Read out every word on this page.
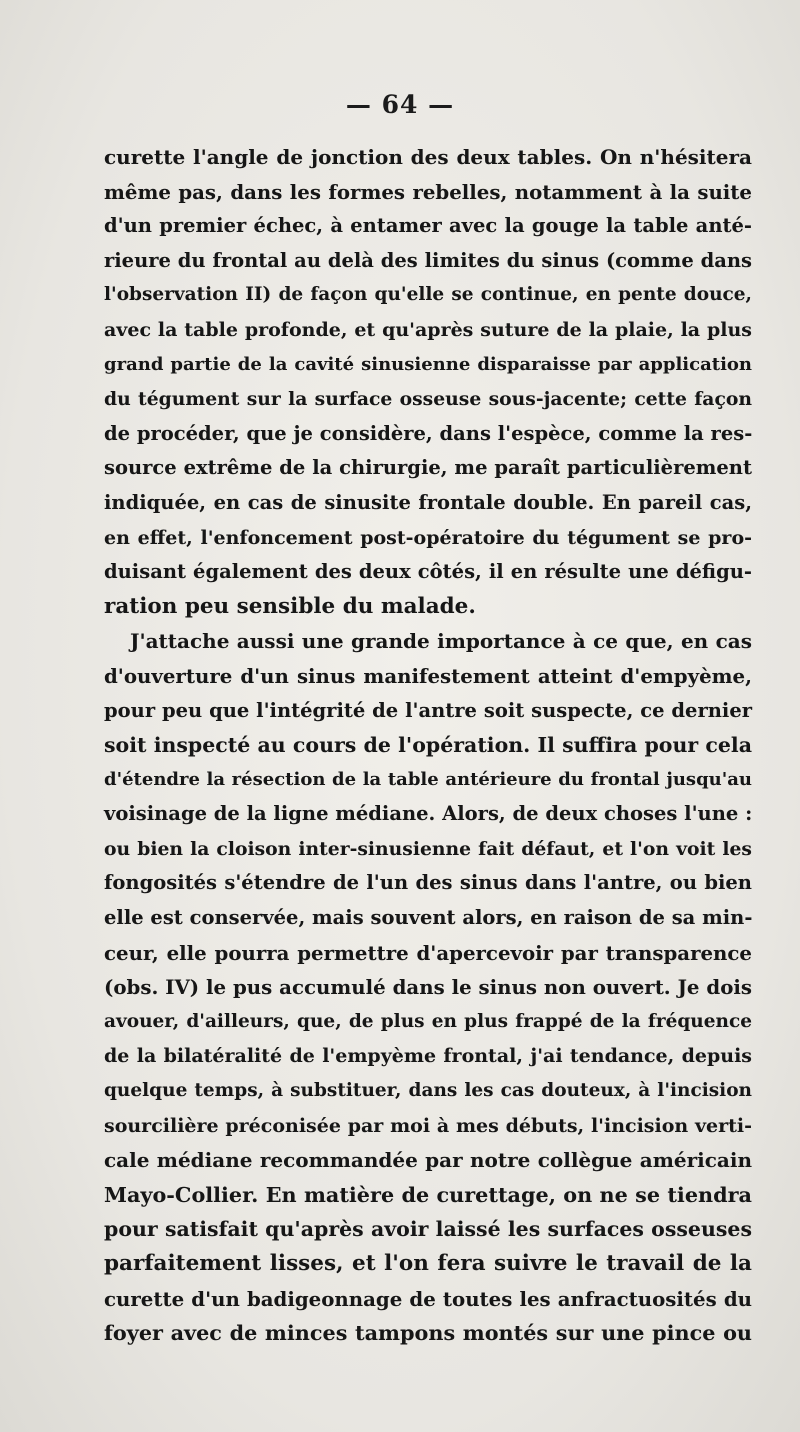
— 64 —
curette l'angle de jonction des deux tables. On n'hésitera
même pas, dans les formes rebelles, notamment à la suite
d'un premier échec, à entamer avec la gouge la table anté-
rieure du frontal au delà des limites du sinus (comme dans
l'observation II) de façon qu'elle se continue, en pente douce,
avec la table profonde, et qu'après suture de la plaie, la plus
grand partie de la cavité sinusienne disparaisse par application
du tégument sur la surface osseuse sous-jacente; cette façon
de procéder, que je considère, dans l'espèce, comme la res-
source extrême de la chirurgie, me paraît particulièrement
indiquée, en cas de sinusite frontale double. En pareil cas,
en effet, l'enfoncement post-opératoire du tégument se pro-
duisant également des deux côtés, il en résulte une défigu-
ration peu sensible du malade.
J'attache aussi une grande importance à ce que, en cas
d'ouverture d'un sinus manifestement atteint d'empyème,
pour peu que l'intégrité de l'antre soit suspecte, ce dernier
soit inspecté au cours de l'opération. Il suffira pour cela
d'étendre la résection de la table antérieure du frontal jusqu'au
voisinage de la ligne médiane. Alors, de deux choses l'une :
ou bien la cloison inter-sinusienne fait défaut, et l'on voit les
fongosités s'étendre de l'un des sinus dans l'antre, ou bien
elle est conservée, mais souvent alors, en raison de sa min-
ceur, elle pourra permettre d'apercevoir par transparence
(obs. IV) le pus accumulé dans le sinus non ouvert. Je dois
avouer, d'ailleurs, que, de plus en plus frappé de la fréquence
de la bilatéralité de l'empyème frontal, j'ai tendance, depuis
quelque temps, à substituer, dans les cas douteux, à l'incision
sourcilière préconisée par moi à mes débuts, l'incision verti-
cale médiane recommandée par notre collègue américain
Mayo-Collier. En matière de curettage, on ne se tiendra
pour satisfait qu'après avoir laissé les surfaces osseuses
parfaitement lisses, et l'on fera suivre le travail de la
curette d'un badigeonnage de toutes les anfractuosités du
foyer avec de minces tampons montés sur une pince ou
